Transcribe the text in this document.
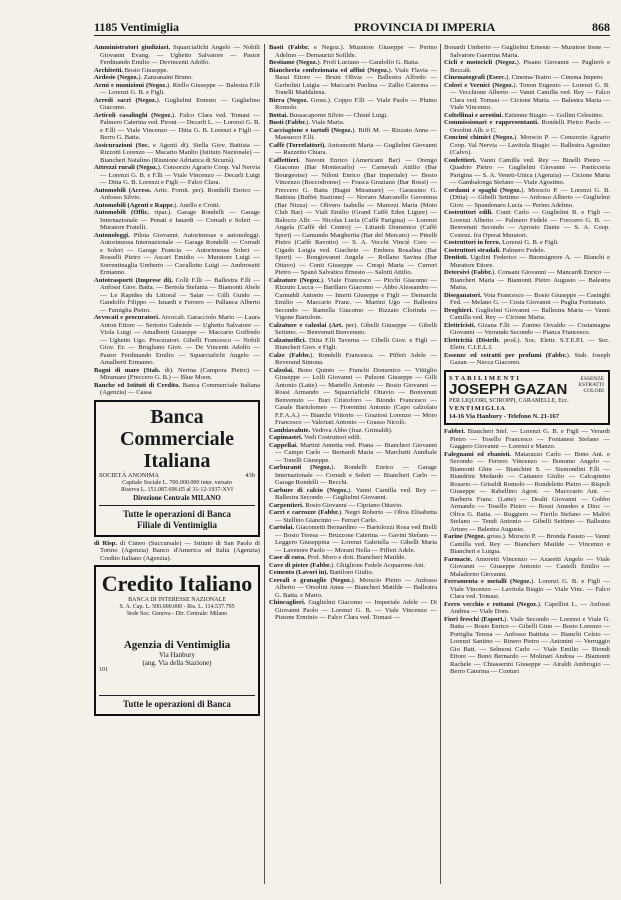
1185 Ventimiglia	PROVINCIA DI IMPERIA	868

Amministratori giudiziari. Squarciafichi Angelo — Nobili Giovanni Evang. — Ughetto Salvatore — Pastor Ferdinando Emilio — Devincenti Adolfo.

Architetti. Bosio Giuseppe.

Ardesie (Negoz.). Zanzanaini Bruno.

Armi e munizioni (Negoz.). Riello Giuseppe — Balestra F.lli — Lorenzi G. B. e Figli.

Arredi sacri (Negoz.). Guglielmi Ernesto — Guglielmo Giacomo.

Articoli casalinghi (Negoz.). Falco Clara ved. Tomasi — Palmero Caterina ved. Pironi — Decarli L. — Lorenzi G. B. e F.lli — Viale Vincenzo — Ditta G. B. Lorenzi e Figli — Berro G. Batta.

Assicurazioni (Soc. e Agenti di). Stella Giov. Battista — Rizzotti Lorenzo — Macario Manlio (Istituto Nazionale) — Biancheri Natalino (Riunione Adriatica di Sicurtà).

Attrezzi rurali (Negoz.). Consorzio Agrario Coop. Val Nervia — Lorenzi G. B. e F.lli — Viale Vincenzo — Decarli Luigi — Ditta G. B. Lorenzi e Figli — Falco Clara.

Automobili (Access. Artic. Fornit. per). Rondelli Enrico — Anfosso Silvio.

Automobili (Agenti e Rappr.). Anello e Crotti.

Automobili (Offic. ripar.). Garage Rondelli — Garage Internazionale — Penati e Isnardi — Corradi e Soleri — Muratore Fratelli.

Autonoleggi. Pilota Giovanni. Autorimesse e autonoleggi. Autorimessa Internazionale — Garage Rondelli — Corradi e Soleri — Garage Francia — Autorimessa Soleri — Rosselli Pietro — Ascari Emidio — Muratore Luigi — Sorrentinaglia Umberto — Cavallotto Luigi — Ambrosetti Ermanno.

Autotrasporti (Imprese di). Colli F.lli — Ballestra F.lli — Anfossi Giov. Batta. — Bertola Stefania — Biamonti Abele — Le Rapides du Littoral — Satar — Gilli Guido — Gandolfo Filippo — Isnardi e Ferrero — Pallanca Alberto — Famiglia Pietro.

Avvocati e procuratori. Arcocali. Garacciolo Mario — Laura Anton Ettore — Sertorio Gabriele — Ughetto Salvatore — Viola Luigi — Amalberti Giuseppe — Maccario Goffredo — Ughetto Ugo. Procuratori. Gibelli Francesco — Nobili Giov. Er. — Brogliano Giov. — De Vincenti Adolfo — Pastor Ferdinando Emilio — Squarciafichi Angelo — Amalberti Ermanno.

Bagni di mare (Stab. di). Nerina (Campora Pietro) — Miramare (Freccero G. B.) — Blue Moon.

Banche ed Istituti di Credito. Banca Commerciale Italiana (Agenzia) — Cassa

Banca Commerciale Italiana
SOCIETÀ ANONIMA	43b
Capitale Sociale L. 700.000.000 inter. versato
Riserva L. 151.087.696.65 al 31-12-1937-XVI
Direzione Centrale MILANO
Tutte le operazioni di Banca
Filiale di Ventimiglia

di Risp. di Cuneo (Succursale) — Istituto di San Paolo di Torino (Agenzia) Banco d'America ed Italia (Agenzia) Credito Italiano (Agenzia).

Credito Italiano
BANCA DI INTERESSE NAZIONALE
S. A. Cap. L. 500.000.000 - Ris. L. 114.537.795
Sede Soc. Genova - Dir. Centrale: Milano
Agenzia di Ventimiglia
Via Hanbury
(ang. Via della Stazione)
101
Tutte le operazioni di Banca

Basti (Fabbr. e Negoz.). Muratore Giuseppe — Perino Adelmo — Demaurizi Sofilde.

Bestiame (Negoz.). Profi Luciano — Gandolfo G. Batta.

Biancheria confezionata ed affini (Negoz.). Viale Flavia — Bassi Ettore — Bruni Olivia — Ballestra Alfredo — Gerbolini Luigia — Maccario Paolina — Zallio Caterina — Tonelli Maddalena.

Birra (Negoz. Gross.). Coppo F.lli — Viale Paolo — Plumo Romolo.

Bottai. Bussacaporne Silvio — Chisté Luigi.

Busti (Fabbr.). Viale Maria.

Cacciagione e tartufi (Negoz.). Biffi M. — Rizzato Anna — Massucco F.lli.

Caffè (Torrefattori). Antonnotti Maria — Guglielmi Giovanni — Razzetto Chiara.

Caffettieri. Navoni Enrico (Americani Bar) — Orengo Giacomo (Bar Montecarlo) — Carnevali Attilio (Bar Bourgeoise) — Niloni Enrico (Bar Imperiale) — Bosio Vincenzo (Boccodromo) — Frasca Graziano (Bar Rossi) — Freccero G. Batta (Bagni Miramare) — Garassino G. Battista (Buffet Stazione) — Novaro Marcarello Geronima (Bar Nizza) — Olivero Isabella — Marezzi Maria (Moto Club Bar) — Viali Emilio (Grand Caffè Eden Ligure) — Balocco Alfr. — Nicolas Lucia (Caffè Parigina) — Lorenzi Angela (Caffè del Centro) — Littardi Domenico (Caffè Sport) — Gamundo Margherita (Bar del Mercato) — Pinelli Pietro (Caffè Ravotto) — S. A. Vecchi Vinciè Coro — Cigado Luigia ved. Giacheto — Embera Rosalina (Bar Sport) — Bongiovanni Angela — Rollano Savina (Bar Ottavo) — Conti Giuseppe — Crespi Maria — Curreri Pietro — Spanò Salvatico Ernesto — Salotti Attilio.

Calzature (Negoz.). Viale Francesco — Picchi Giacomo — Rizzuto Lucca — Barillaro Giacomo — Abbo Alessandro — Carnuddi Antonio — Imerti Giuseppe e Figli — Demarchi Emilio — Maccario Franc. — Martini Ugo — Ballestra Secondo — Ramella Giacomo — Rizzato Clorinda — Vigone Bartolom.

Calzature e calzolai (Art. per). Gibelli Giuseppe — Gibelli Settimo. — Benvenuti Benvenuto.

Calzaturifici. Ditta F.lli Taverna — Cibelli Giov. e Figli — Biancheri Giov. e Figli.

Calze (Fabbr.). Rondelli Francesca. — Pifferi Adele — Reverand Simona.

Calzolai. Bono Quinto — Franchi Domenico — Vittiglio Giuseppe — Lolli Giovanni — Pulzoni Giuseppe — Gilli Antonio (Latte) — Martello Antonio — Bosio Giovanni — Rossi Armando — Squarciafichi Ottavio — Bonvenuti Benvenuto — Buri Cristoforo — Biondo Francesco — Casale Bartolomeo — Fiorentini Antonio (Capo calzolaio F.F.A.A.) — Bianchi Vittorio — Graziosi Lorenzo — Moro Francesco — Valeriati Antonio — Grasso Nicolò.

Cambiavalute. Vedova Abbo (fraz. Grimaldi).

Capimastri. Vedi Costruttori edili.

Cappellai. Martini Annetta ved. Piana — Biancheri Giovanni — Campo Carlo — Bernardi Maria — Marchetti Annibale — Tonelli Giuseppe.

Carburanti (Negoz.). Rondelli Enrico — Garage Internazionale — Corradi e Soleri — Biancheri Carlo — Garage Rondelli — Becchi.

Carbure di calcio (Negoz.). Vanni Camilla ved. Rey — Ballestra Secondo — Guglielmi Giovanni.

Carpentieri. Bosio Giovanni — Cipriano Ottavio.

Carri e carrozze (Fabbr.). Negri Roberto — Oliva Elisabetta — Stellino Giancinto — Ferrari Carlo.

Cartolai. Giacometti Bernardino — Bartolozzi Rosa ved Bielli — Bosio Teresa — Bruzzone Caterina — Gavini Stefano — Leggero Giuseppina — Lorenzi Gabriella — Gibelli Maria — Lavenore Paolo — Morani Nella — Pifferi Adele.

Case di cura. Prof. Moro e dott. Biancheri Matilde.

Cave di pietre (Fabbr.). Ghiglione Fedele Acquarone Ant.

Cemento (Lavori in). Battiloro Giulio.

Cereali e granaglie (Negoz.). Morscio Pietro — Anfosso Alberto — Orsolini Anna — Biancheri Matilde — Ballestra G. Batta. e Mario.

Chincaglieri. Guglielmi Giacomo — Imperiale Adele — Di Giovanni Paolo — Lorenzi G. B. — Viale Vincenzo — Pistone Erminio — Falco Clara ved. Tomasi —

Bonardi Umberto — Guglielmi Ernesto — Muratore Irene — Salvatore Guerrina Maria.

Cicli e motocicli (Negoz.). Pisano Giovanni — Paglierò e Beccali.

Cinematografi (Eserc.). Cinema-Teatro — Cinema Impero.

Colori e Vernici (Negoz.). Tonon Eugenio — Lorenzi G. B. — Vecchione Alberto — Vanni Camilla ved. Rey — Falco Clara ved. Tomasi — Cicione Maria. — Balestra Maria — Viale Vincenzo.

Coltellinai e arrotini. Estienne Biagio — Gollini Celestino.

Commissionari e rappresentanti. Rondelli Pietro Paolo — Orsolini Alb. e C.

Concimi chimici (Negoz.). Morscio P. — Consorzio Agrario Coop. Val Nervia — Lavitola Biagio — Ballestra Agostino (Calvo).

Confettieri. Vanni Camilla ved. Rey — Binelli Pietro — Quadrio Pietro — Guglielmi Giovanni — Pasticceria Parigina — S. A. Veneti-Unica (Agenzia) — Cicione Maria — Gambalonga Stefano — Viale Agostino.

Cordami e spaghi (Negoz.). Morscio P. — Lorenzi G. B. (Ditta) — Gibelli Settimo — Anfosso Alberto — Guglielmi Giov. — Spandonaro Lucia — Perino Adelmo.

Costruttori edili. Conti Carlo — Guglielmi B. e Figli — Lorenzi Alberto — Palmero Fedele — Freccero G. B. — Benvenuti Secondo — Aprosio Dante — S. A. Coop. Costruz. fra Operai Muratori.

Costruttori in ferro. Lorenzi G. B. e Figli.

Costruttori stradali. Palmero Fedele.

Dentisti. Ugolini Federico — Buonsignore A. — Bianchi e Muratore Ettore.

Detersivi (Fabbr.). Consani Giovanni — Mancardi Enrico — Biancheri Maria — Biamonti Pietro Augusto — Balestra Maria.

Diseganatori. Vota Francesco — Bosio Giuseppe — Casinghi Fed. — Melano G. — Costa Giovanni — Puglia Fortunato.

Droghieri. Guglielmi Giovanni — Ballestra Maria — Vanni Camilla ved. Rey — Cicione Maria.

Elettricisti. Gizana F.lli — Zunino Osvaldo — Costamagna Giovanni — Verrando Secondo — Pianca Francesco.

Elettricità (Distrib. prod.). Soc. Elettr. S.T.E.P.I. — Soc. Elettr. C.I.E.L.I.

Essenze ed estratti per profumi (Fabbr.). Stab. Joseph Gazan — Necca Giacomo.

ESSENZE ESTRATTI COLORI
STABILIMENTI
JOSEPH GAZAN
PER LIQUORI, SCIROPPI, CARAMELLE, Ecc.
VENTIMIGLIA
14-16 Via Hanbury - Telefono N. 21-167

Fabbri. Biancheri Stef. — Lorenzi G. B. e Figli — Verardi Pietro — Tosello Francesco — Fontanesi Stefano — Gaggero Giovanni — Lorenzi e Manzo.

Falegnami ed ebanisti. Matarazzo Carlo — Bono Ant. e Secondo — Ferrero Vincenzo — Bonomo Angelo — Biamonti Ghin — Bianchini S. — Sismondini F.lli — Biandrini Medardo — Cattaneo Giulio — Calcapietto Rosario — Griseldi Romolo — Rondeletto Pietro — Rispoli Giuseppe — Rabellino Agost. — Macccario Ant. — Barberis Franc. (Latte) — Dealti Giovanni — Gobbo Armando — Tosello Pietro — Rossi Amedeo e Dioc — Oliva G. Batta. — Ruggiero — Fierilo Stefano — Malivi Stefano — Tendi Antonio — Gibelli Settimo — Ballestra Arturo — Balestra Augusto.

Farine (Negoz. gross.). Morscio P. — Bronda Fausto — Vanni Camilla ved. Rey — Biancheri Matilde — Vincenzo e Biancheri e Luigia.

Farmacie. Amoretti Vincenzo — Azaretti Angelo — Viale Giovanni — Giuseppe Antonio — Castelli Emilio — Maladorno Giovanni.

Ferramenta e metalli (Negoz.). Lorenzi G. B. e Figli — Viale Vincenzo — Lavitola Biagio — Viale Vinc. — Falco Clara ved. Tomasi.

Ferro vecchio e rottami (Negoz.). Capellini L. — Anfossi Andrea — Viale Dom.

Fiori freschi (Esport.). Viale Secondo — Lorenzi e Viale G. Batta — Bosio Enrico — Gibelli Gino — Bosio Lorenzo — Portiglia Teresa — Anfosso Battista — Bianchi Celsio — Lorenzi Santino — Rinero Pietro — Antonini — Verruggio Gio Batt. — Selmoni Carlo — Viale Emilio — Biondi Ettore — Bono Bernardo — Molinari Andrea — Biamonti Rachele — Chiasserini Giuseppe — Airaldi Ambrogio — Berro Caterina — Conturi
